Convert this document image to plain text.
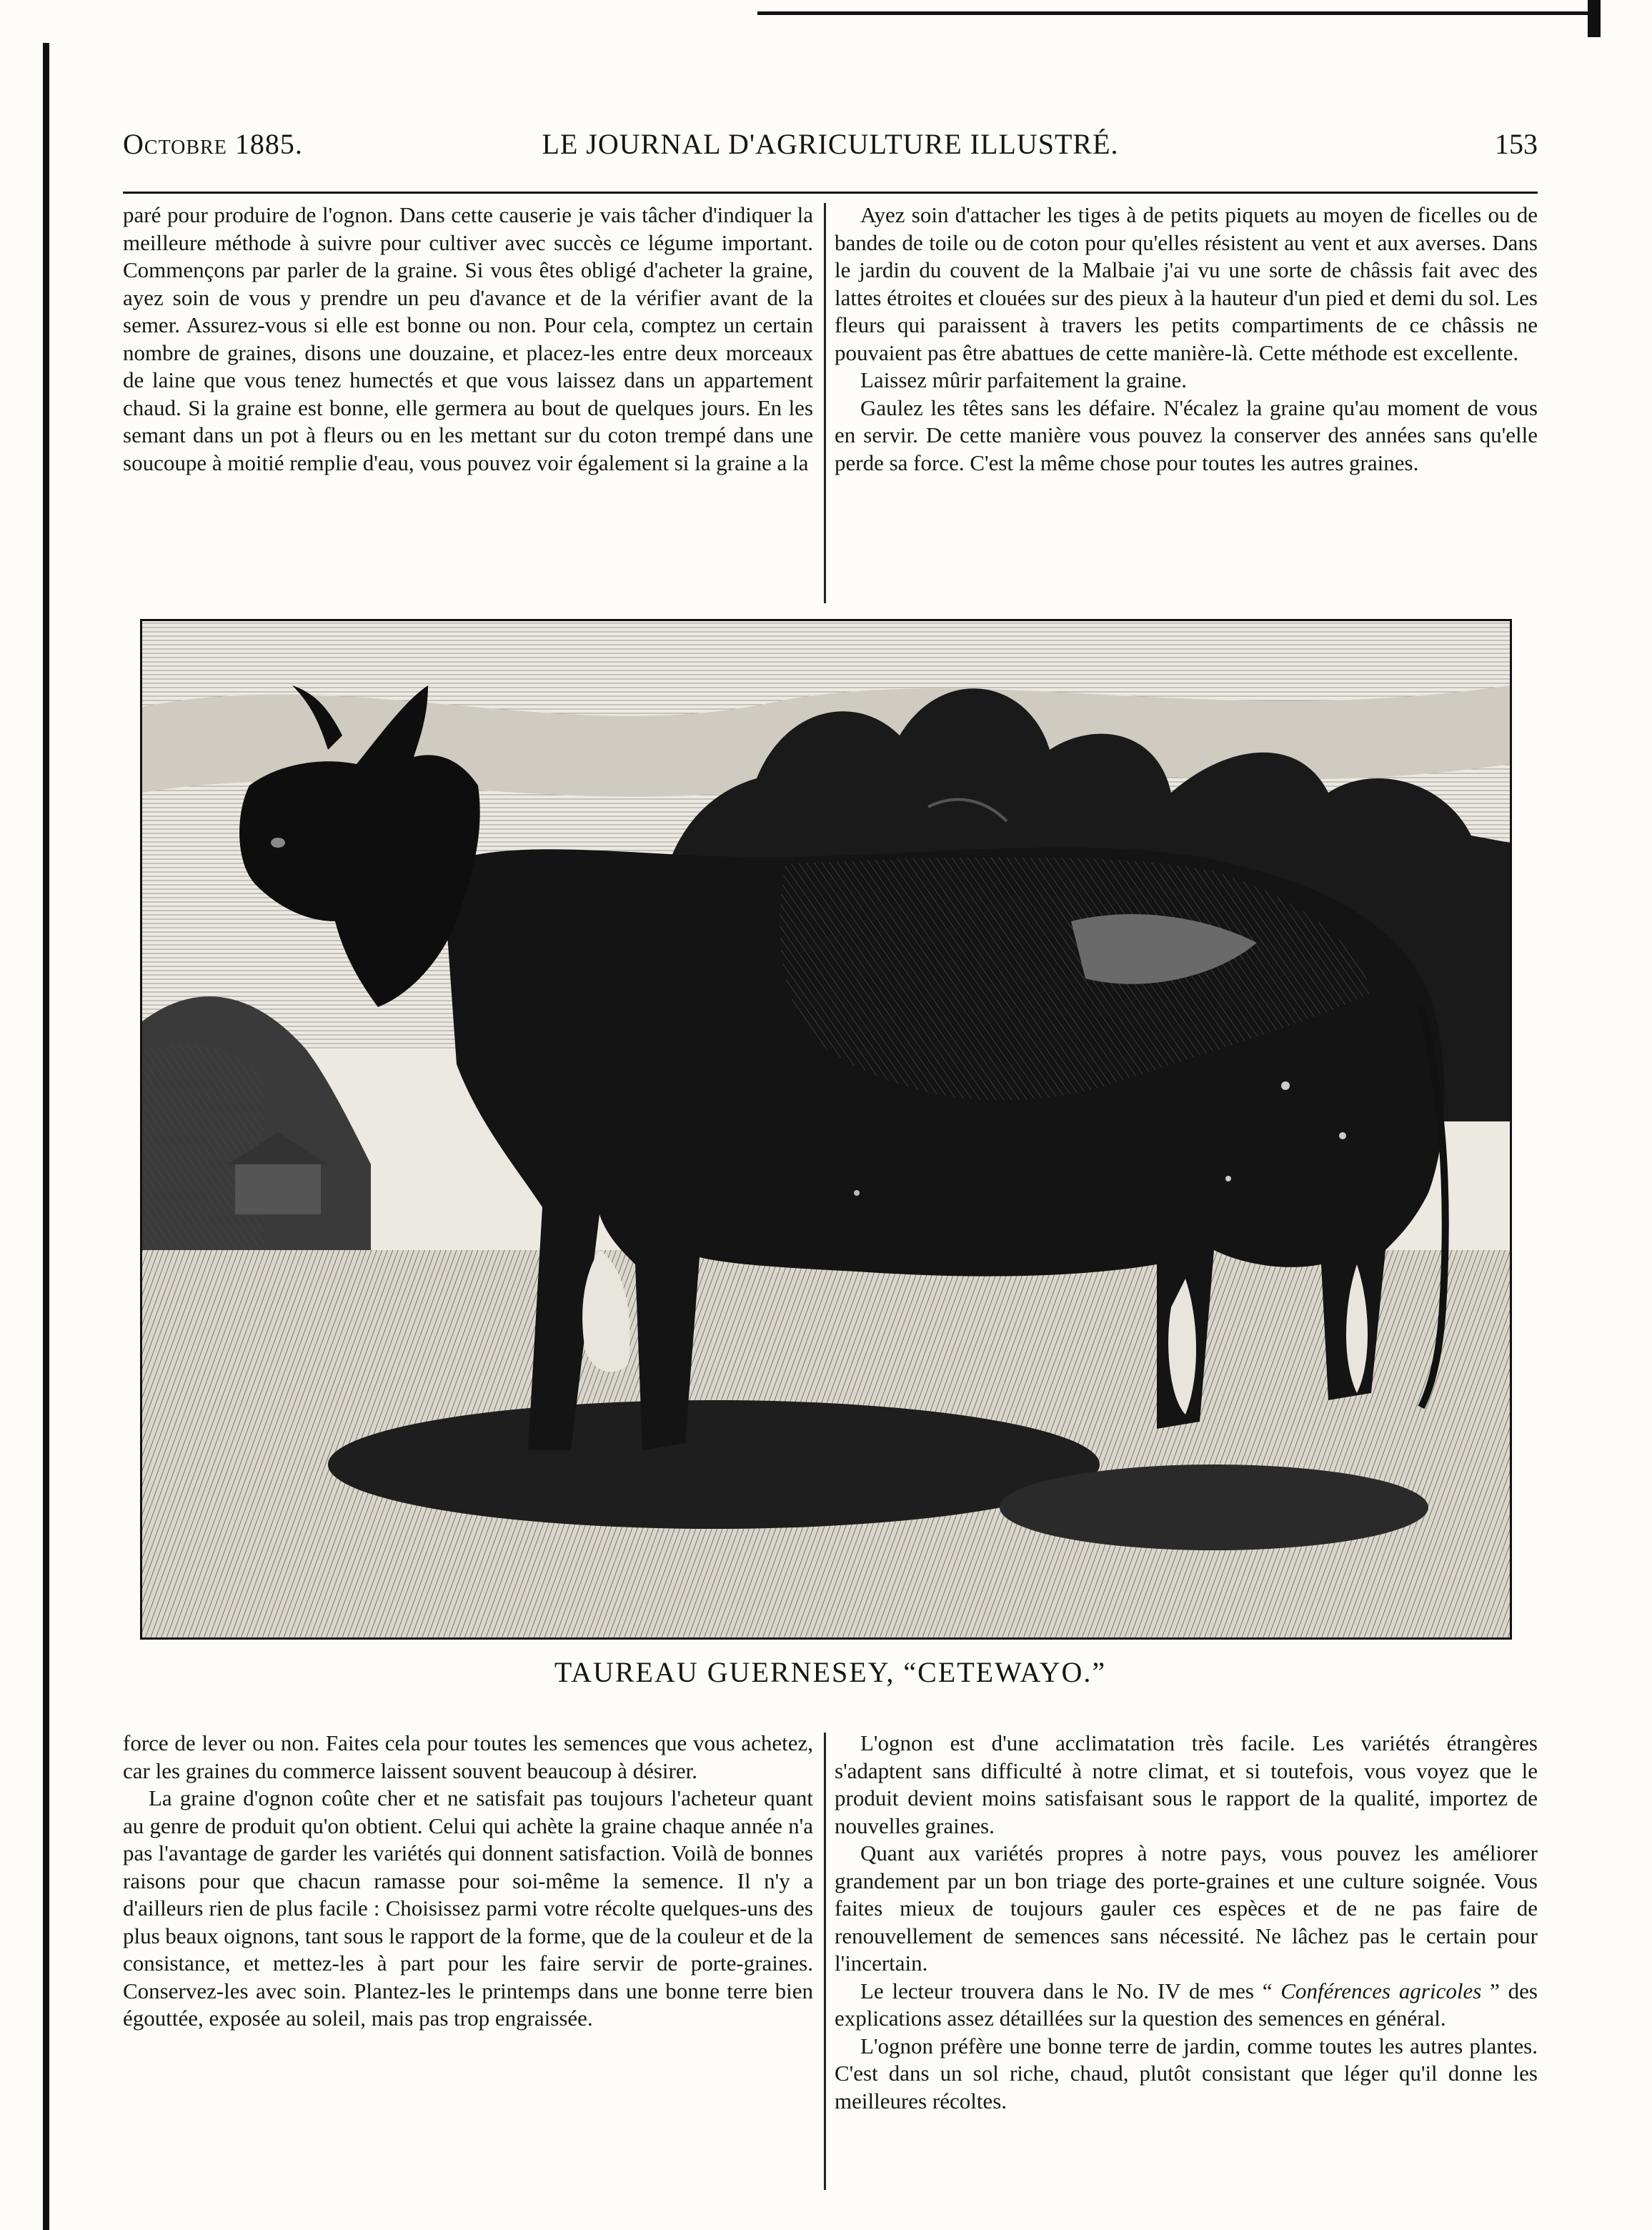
Octobre 1885.	LE JOURNAL D'AGRICULTURE ILLUSTRÉ.	153

paré pour produire de l'ognon. Dans cette causerie je vais tâcher d'indiquer la meilleure méthode à suivre pour cultiver avec succès ce légume important. Commençons par parler de la graine. Si vous êtes obligé d'acheter la graine, ayez soin de vous y prendre un peu d'avance et de la vérifier avant de la semer. Assurez-vous si elle est bonne ou non. Pour cela, comptez un certain nombre de graines, disons une douzaine, et placez-les entre deux morceaux de laine que vous tenez humectés et que vous laissez dans un appartement chaud. Si la graine est bonne, elle germera au bout de quelques jours. En les semant dans un pot à fleurs ou en les mettant sur du coton trempé dans une soucoupe à moitié remplie d'eau, vous pouvez voir également si la graine a la

Ayez soin d'attacher les tiges à de petits piquets au moyen de ficelles ou de bandes de toile ou de coton pour qu'elles résistent au vent et aux averses. Dans le jardin du couvent de la Malbaie j'ai vu une sorte de châssis fait avec des lattes étroites et clouées sur des pieux à la hauteur d'un pied et demi du sol. Les fleurs qui paraissent à travers les petits compartiments de ce châssis ne pouvaient pas être abattues de cette manière-là. Cette méthode est excellente.

Laissez mûrir parfaitement la graine.

Gaulez les têtes sans les défaire. N'écalez la graine qu'au moment de vous en servir. De cette manière vous pouvez la conserver des années sans qu'elle perde sa force. C'est la même chose pour toutes les autres graines.

TAUREAU GUERNESEY, “CETEWAYO.”

force de lever ou non. Faites cela pour toutes les semences que vous achetez, car les graines du commerce laissent souvent beaucoup à désirer.

La graine d'ognon coûte cher et ne satisfait pas toujours l'acheteur quant au genre de produit qu'on obtient. Celui qui achète la graine chaque année n'a pas l'avantage de garder les variétés qui donnent satisfaction. Voilà de bonnes raisons pour que chacun ramasse pour soi-même la semence. Il n'y a d'ailleurs rien de plus facile : Choisissez parmi votre récolte quelques-uns des plus beaux oignons, tant sous le rapport de la forme, que de la couleur et de la consistance, et mettez-les à part pour les faire servir de porte-graines. Conservez-les avec soin. Plantez-les le printemps dans une bonne terre bien égouttée, exposée au soleil, mais pas trop engraissée.

L'ognon est d'une acclimatation très facile. Les variétés étrangères s'adaptent sans difficulté à notre climat, et si toutefois, vous voyez que le produit devient moins satisfaisant sous le rapport de la qualité, importez de nouvelles graines.

Quant aux variétés propres à notre pays, vous pouvez les améliorer grandement par un bon triage des porte-graines et une culture soignée. Vous faites mieux de toujours gauler ces espèces et de ne pas faire de renouvellement de semences sans nécessité. Ne lâchez pas le certain pour l'incertain.

Le lecteur trouvera dans le No. IV de mes “ Conférences agricoles ” des explications assez détaillées sur la question des semences en général.

L'ognon préfère une bonne terre de jardin, comme toutes les autres plantes. C'est dans un sol riche, chaud, plutôt consistant que léger qu'il donne les meilleures récoltes.
